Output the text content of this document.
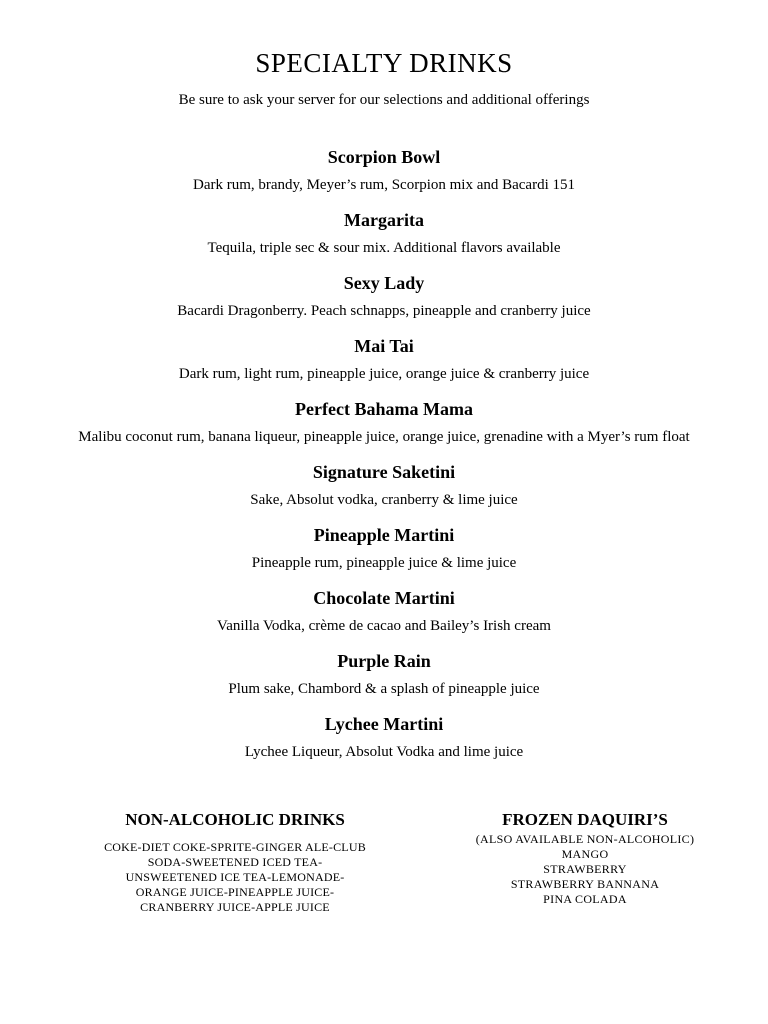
SPECIALTY DRINKS
Be sure to ask your server for our selections and additional offerings
Scorpion Bowl
Dark rum, brandy, Meyer’s rum, Scorpion mix and Bacardi 151
Margarita
Tequila, triple sec & sour mix. Additional flavors available
Sexy Lady
Bacardi Dragonberry. Peach schnapps, pineapple and cranberry juice
Mai Tai
Dark rum, light rum, pineapple juice, orange juice & cranberry juice
Perfect Bahama Mama
Malibu coconut rum, banana liqueur, pineapple juice, orange juice, grenadine with a Myer’s rum float
Signature Saketini
Sake, Absolut vodka, cranberry & lime juice
Pineapple Martini
Pineapple rum, pineapple juice & lime juice
Chocolate Martini
Vanilla Vodka, crème de cacao and Bailey’s Irish cream
Purple Rain
Plum sake, Chambord & a splash of pineapple juice
Lychee Martini
Lychee Liqueur, Absolut Vodka and lime juice
NON-ALCOHOLIC DRINKS
COKE-DIET COKE-SPRITE-GINGER ALE-CLUB
SODA-SWEETENED ICED TEA-
UNSWEETENED ICE TEA-LEMONADE-
ORANGE JUICE-PINEAPPLE JUICE-
CRANBERRY JUICE-APPLE JUICE
FROZEN DAQUIRI’S
(ALSO AVAILABLE NON-ALCOHOLIC)
MANGO
STRAWBERRY
STRAWBERRY BANNANA
PINA COLADA
